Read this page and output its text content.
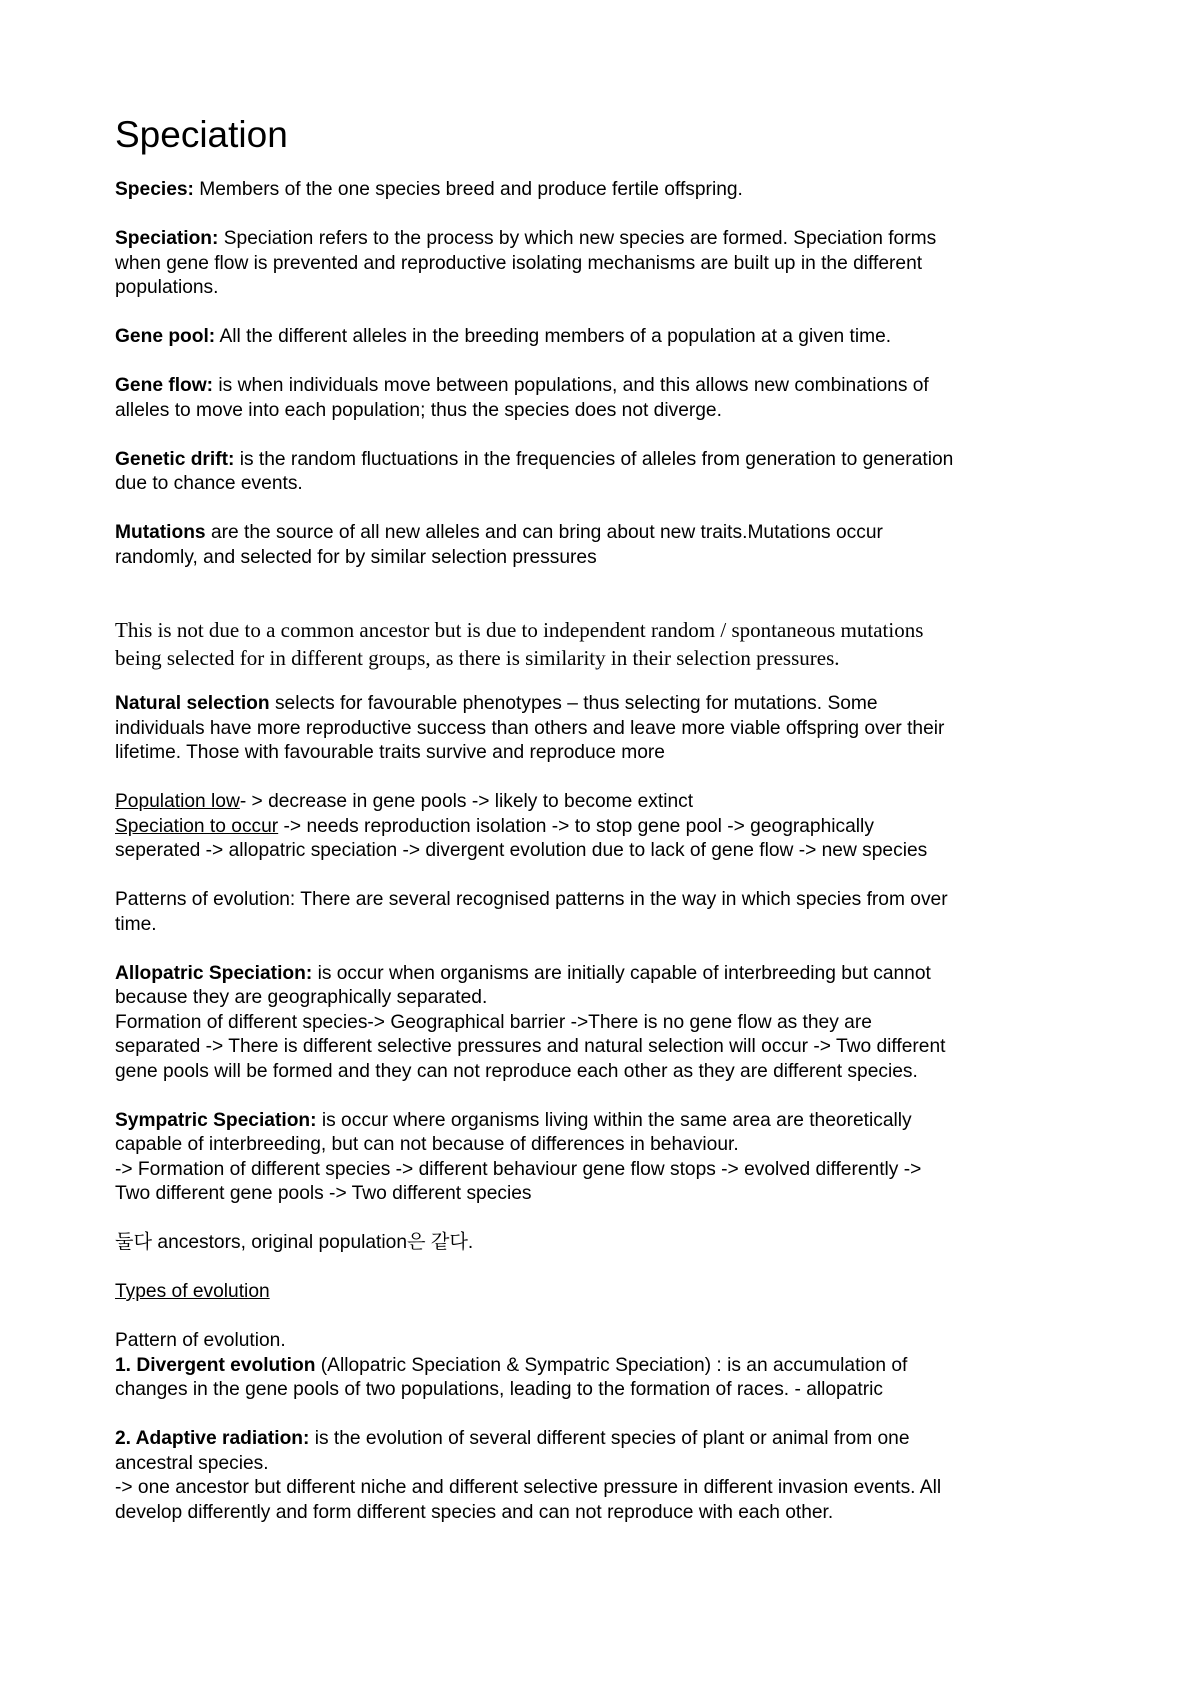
Speciation

Species: Members of the one species breed and produce fertile offspring.

Speciation: Speciation refers to the process by which new species are formed. Speciation forms

when gene flow is prevented and reproductive isolating mechanisms are built up in the different

populations.

Gene pool: All the different alleles in the breeding members of a population at a given time.

Gene flow: is when individuals move between populations, and this allows new combinations of

alleles to move into each population; thus the species does not diverge.

Genetic drift: is the random fluctuations in the frequencies of alleles from generation to generation

due to chance events.

Mutations are the source of all new alleles and can bring about new traits.Mutations occur

randomly, and selected for by similar selection pressures

This is not due to a common ancestor but is due to independent random / spontaneous mutations

being selected for in different groups, as there is similarity in their selection pressures.

Natural selection selects for favourable phenotypes – thus selecting for mutations. Some

individuals have more reproductive success than others and leave more viable offspring over their

lifetime. Those with favourable traits survive and reproduce more

Population low- > decrease in gene pools -> likely to become extinct

Speciation to occur -> needs reproduction isolation -> to stop gene pool -> geographically

seperated -> allopatric speciation -> divergent evolution due to lack of gene flow -> new species

Patterns of evolution: There are several recognised patterns in the way in which species from over

time.

Allopatric Speciation: is occur when organisms are initially capable of interbreeding but cannot

because they are geographically separated.

Formation of different species-> Geographical barrier ->There is no gene flow as they are

separated -> There is different selective pressures and natural selection will occur -> Two different

gene pools will be formed and they can not reproduce each other as they are different species.

Sympatric Speciation: is occur where organisms living within the same area are theoretically

capable of interbreeding, but can not because of differences in behaviour.

-> Formation of different species -> different behaviour gene flow stops -> evolved differently ->

Two different gene pools -> Two different species

둘다 ancestors, original population은 같다.

Types of evolution

Pattern of evolution.

1. Divergent evolution (Allopatric Speciation & Sympatric Speciation) : is an accumulation of

changes in the gene pools of two populations, leading to the formation of races. - allopatric

2. Adaptive radiation: is the evolution of several different species of plant or animal from one

ancestral species.

-> one ancestor but different niche and different selective pressure in different invasion events. All

develop differently and form different species and can not reproduce with each other.
